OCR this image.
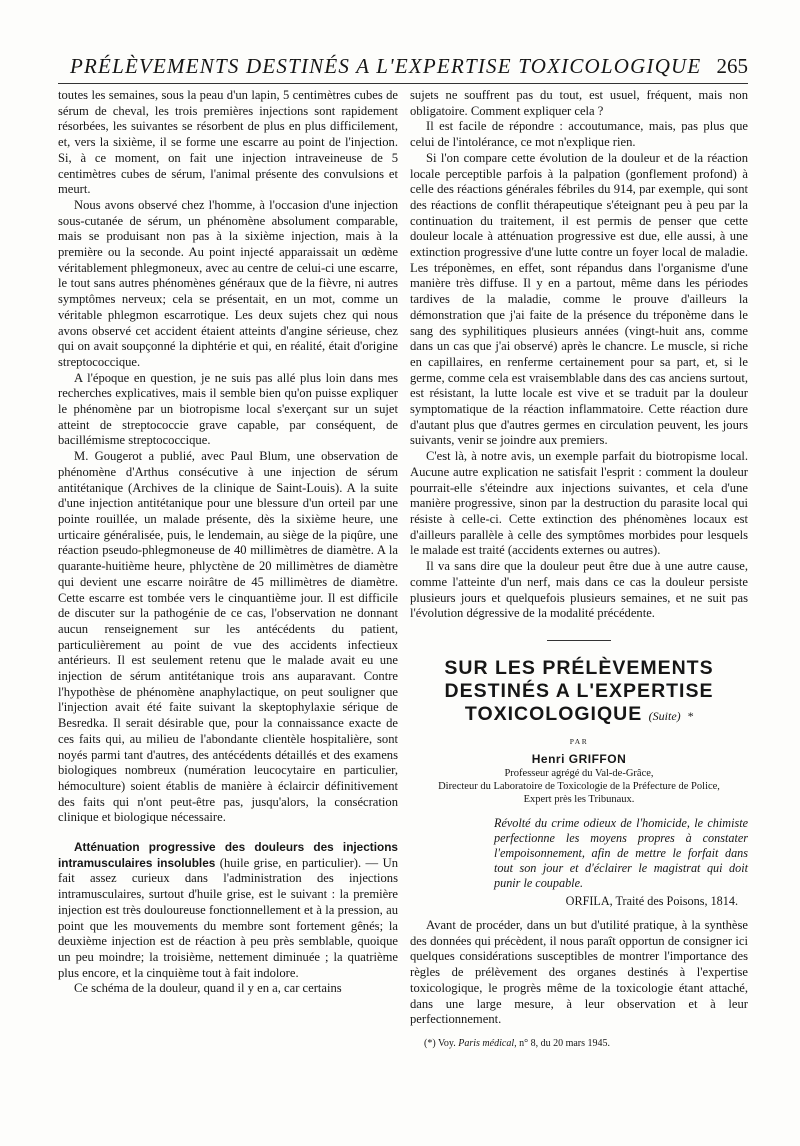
PRÉLÈVEMENTS DESTINÉS A L'EXPERTISE TOXICOLOGIQUE 265

toutes les semaines, sous la peau d'un lapin, 5 centimètres cubes de sérum de cheval, les trois premières injections sont rapidement résorbées, les suivantes se résorbent de plus en plus difficilement, et, vers la sixième, il se forme une escarre au point de l'injection. Si, à ce moment, on fait une injection intraveineuse de 5 centimètres cubes de sérum, l'animal présente des convulsions et meurt.

Nous avons observé chez l'homme, à l'occasion d'une injection sous-cutanée de sérum, un phénomène absolument comparable, mais se produisant non pas à la sixième injection, mais à la première ou la seconde. Au point injecté apparaissait un œdème véritablement phlegmoneux, avec au centre de celui-ci une escarre, le tout sans autres phénomènes généraux que de la fièvre, ni autres symptômes nerveux; cela se présentait, en un mot, comme un véritable phlegmon escarrotique. Les deux sujets chez qui nous avons observé cet accident étaient atteints d'angine sérieuse, chez qui on avait soupçonné la diphtérie et qui, en réalité, était d'origine streptococcique.

A l'époque en question, je ne suis pas allé plus loin dans mes recherches explicatives, mais il semble bien qu'on puisse expliquer le phénomène par un biotropisme local s'exerçant sur un sujet atteint de streptococcie grave capable, par conséquent, de bacillémisme streptococcique.

M. Gougerot a publié, avec Paul Blum, une observation de phénomène d'Arthus consécutive à une injection de sérum antitétanique (Archives de la clinique de Saint-Louis). A la suite d'une injection antitétanique pour une blessure d'un orteil par une pointe rouillée, un malade présente, dès la sixième heure, une urticaire généralisée, puis, le lendemain, au siège de la piqûre, une réaction pseudo-phlegmoneuse de 40 millimètres de diamètre. A la quarante-huitième heure, phlyctène de 20 millimètres de diamètre qui devient une escarre noirâtre de 45 millimètres de diamètre. Cette escarre est tombée vers le cinquantième jour. Il est difficile de discuter sur la pathogénie de ce cas, l'observation ne donnant aucun renseignement sur les antécédents du patient, particulièrement au point de vue des accidents infectieux antérieurs. Il est seulement retenu que le malade avait eu une injection de sérum antitétanique trois ans auparavant. Contre l'hypothèse de phénomène anaphylactique, on peut souligner que l'injection avait été faite suivant la skeptophylaxie sérique de Besredka. Il serait désirable que, pour la connaissance exacte de ces faits qui, au milieu de l'abondante clientèle hospitalière, sont noyés parmi tant d'autres, des antécédents détaillés et des examens biologiques nombreux (numération leucocytaire en particulier, hémoculture) soient établis de manière à éclaircir définitivement des faits qui n'ont peut-être pas, jusqu'alors, la consécration clinique et biologique nécessaire.

Atténuation progressive des douleurs des injections intramusculaires insolubles (huile grise, en particulier). — Un fait assez curieux dans l'administration des injections intramusculaires, surtout d'huile grise, est le suivant : la première injection est très douloureuse fonctionnellement et à la pression, au point que les mouvements du membre sont fortement gênés; la deuxième injection est de réaction à peu près semblable, quoique un peu moindre; la troisième, nettement diminuée ; la quatrième plus encore, et la cinquième tout à fait indolore.

Ce schéma de la douleur, quand il y en a, car certains

sujets ne souffrent pas du tout, est usuel, fréquent, mais non obligatoire. Comment expliquer cela ?

Il est facile de répondre : accoutumance, mais, pas plus que celui de l'intolérance, ce mot n'explique rien.

Si l'on compare cette évolution de la douleur et de la réaction locale perceptible parfois à la palpation (gonflement profond) à celle des réactions générales fébriles du 914, par exemple, qui sont des réactions de conflit thérapeutique s'éteignant peu à peu par la continuation du traitement, il est permis de penser que cette douleur locale à atténuation progressive est due, elle aussi, à une extinction progressive d'une lutte contre un foyer local de maladie. Les tréponèmes, en effet, sont répandus dans l'organisme d'une manière très diffuse. Il y en a partout, même dans les périodes tardives de la maladie, comme le prouve d'ailleurs la démonstration que j'ai faite de la présence du tréponème dans le sang des syphilitiques plusieurs années (vingt-huit ans, comme dans un cas que j'ai observé) après le chancre. Le muscle, si riche en capillaires, en renferme certainement pour sa part, et, si le germe, comme cela est vraisemblable dans des cas anciens surtout, est résistant, la lutte locale est vive et se traduit par la douleur symptomatique de la réaction inflammatoire. Cette réaction dure d'autant plus que d'autres germes en circulation peuvent, les jours suivants, venir se joindre aux premiers.

C'est là, à notre avis, un exemple parfait du biotropisme local. Aucune autre explication ne satisfait l'esprit : comment la douleur pourrait-elle s'éteindre aux injections suivantes, et cela d'une manière progressive, sinon par la destruction du parasite local qui résiste à celle-ci. Cette extinction des phénomènes locaux est d'ailleurs parallèle à celle des symptômes morbides pour lesquels le malade est traité (accidents externes ou autres).

Il va sans dire que la douleur peut être due à une autre cause, comme l'atteinte d'un nerf, mais dans ce cas la douleur persiste plusieurs jours et quelquefois plusieurs semaines, et ne suit pas l'évolution dégressive de la modalité précédente.

SUR LES PRÉLÈVEMENTS
DESTINÉS A L'EXPERTISE
TOXICOLOGIQUE (Suite) *
PAR
Henri GRIFFON
Professeur agrégé du Val-de-Grâce,
Directeur du Laboratoire de Toxicologie de la Préfecture de Police,
Expert près les Tribunaux.
Révolté du crime odieux de l'homicide, le chimiste perfectionne les moyens propres à constater l'empoisonnement, afin de mettre le forfait dans tout son jour et d'éclairer le magistrat qui doit punir le coupable.
ORFILA, Traité des Poisons, 1814.

Avant de procéder, dans un but d'utilité pratique, à la synthèse des données qui précèdent, il nous paraît opportun de consigner ici quelques considérations susceptibles de montrer l'importance des règles de prélèvement des organes destinés à l'expertise toxicologique, le progrès même de la toxicologie étant attaché, dans une large mesure, à leur observation et à leur perfectionnement.

(*) Voy. Paris médical, n° 8, du 20 mars 1945.
